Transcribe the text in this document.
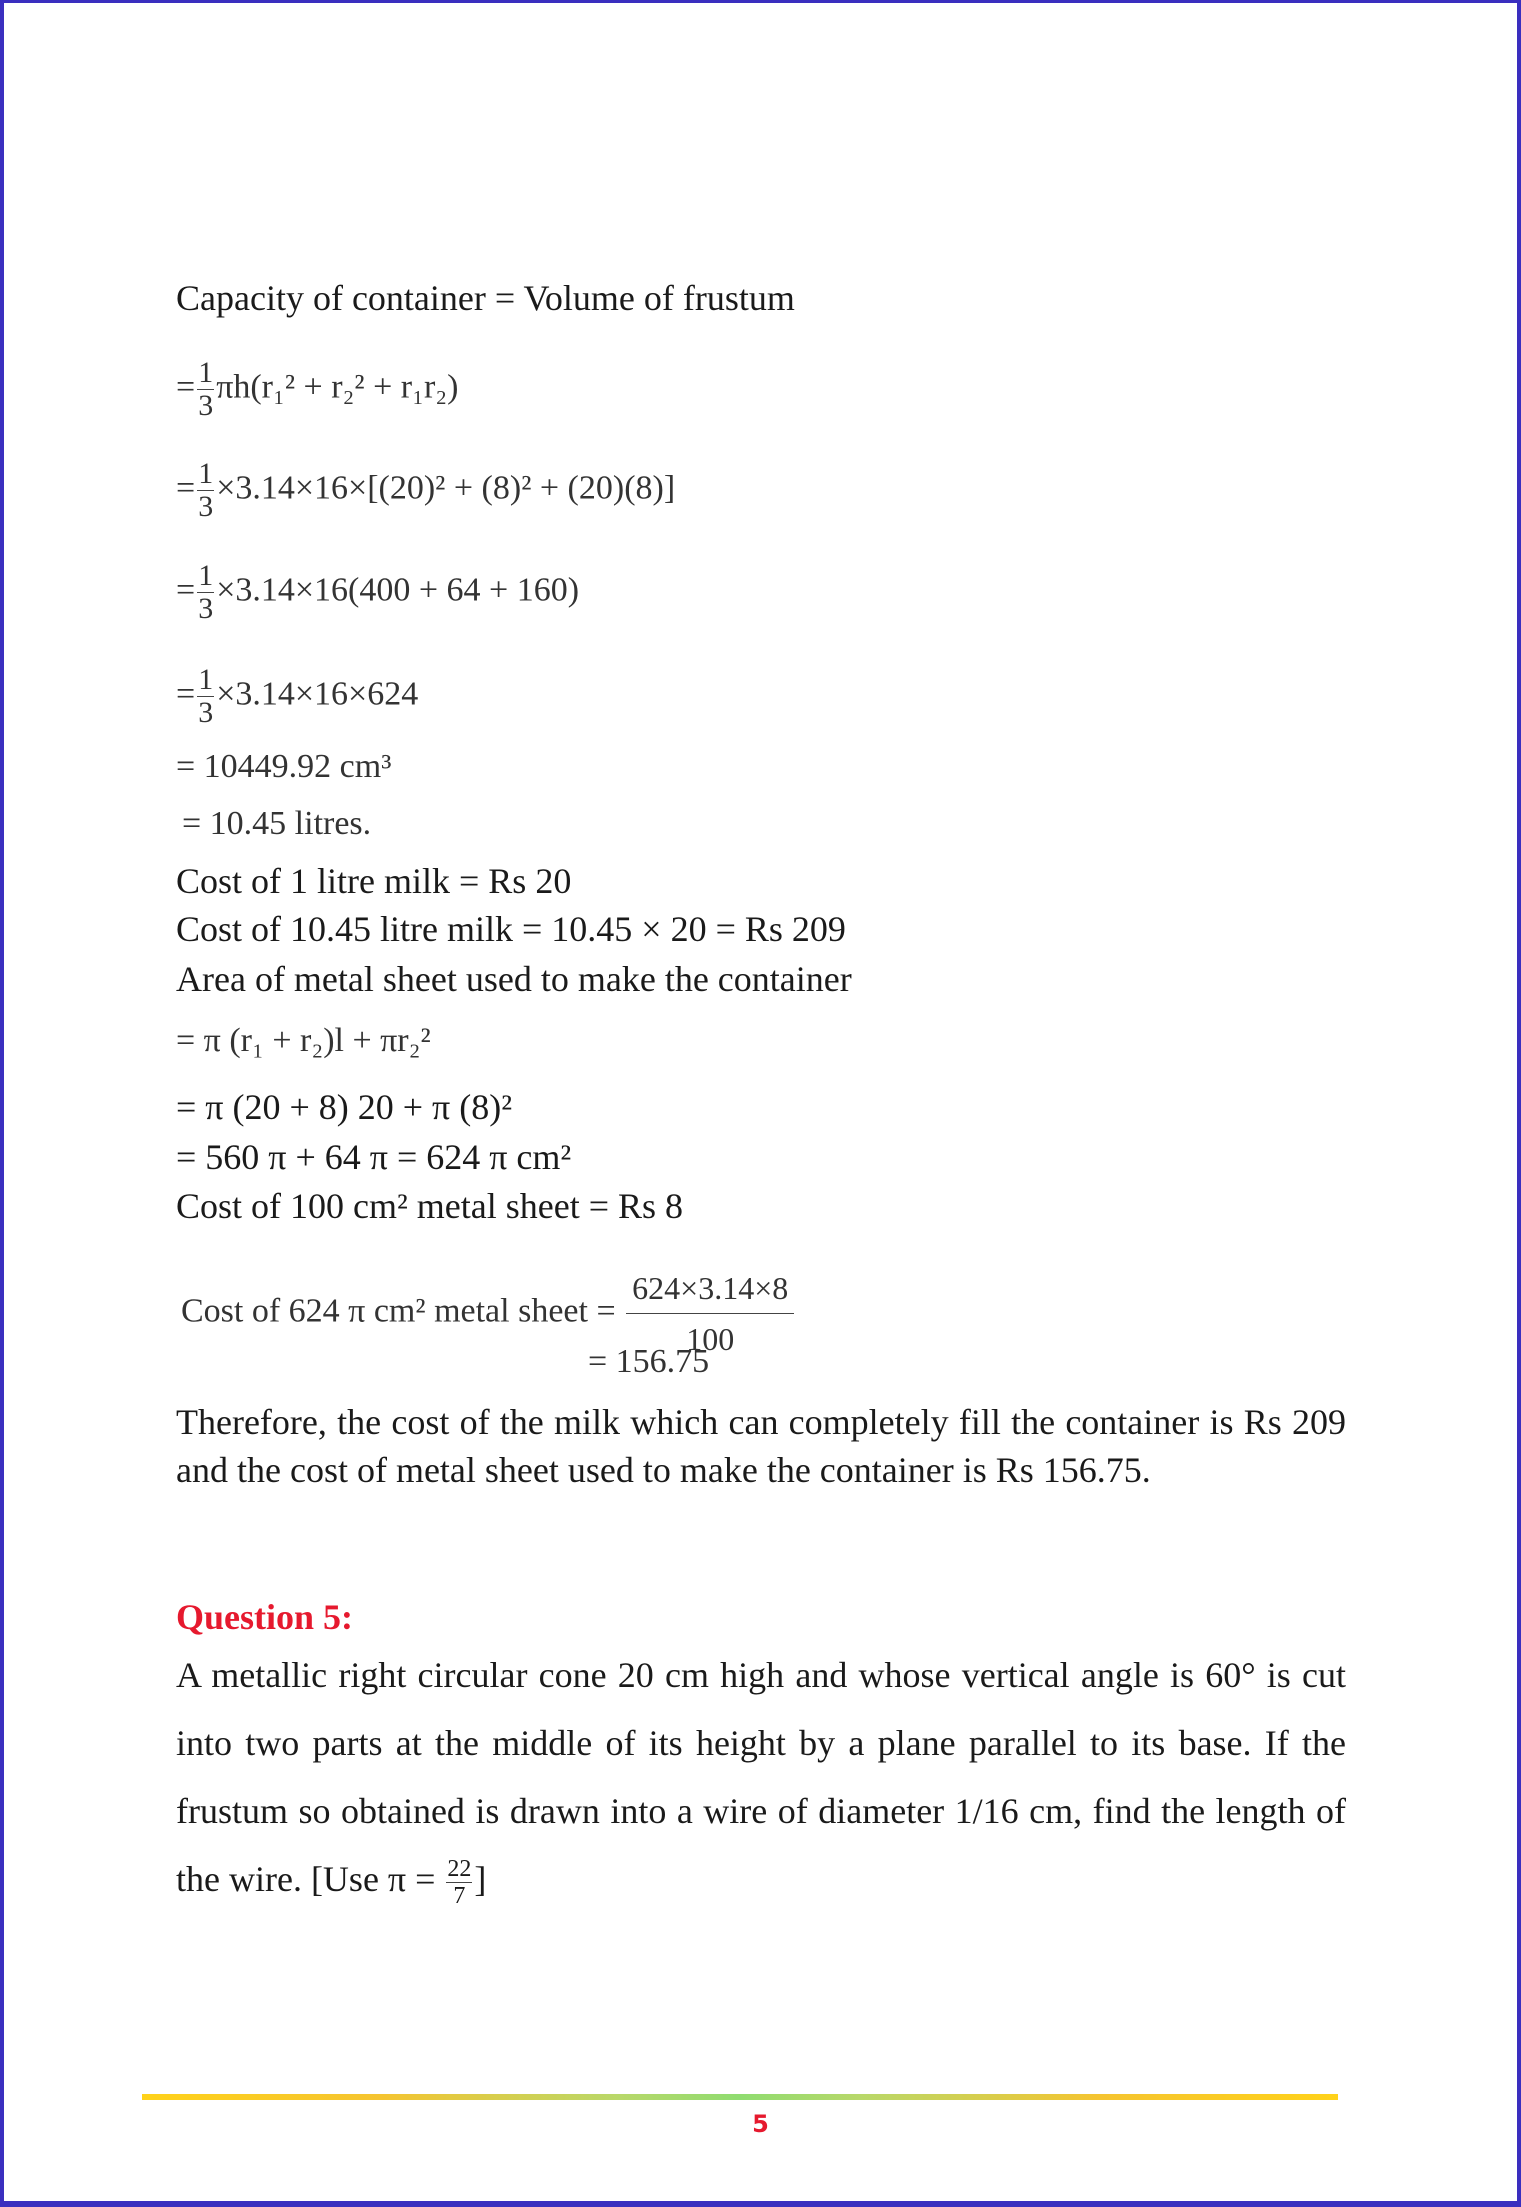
Capacity of container = Volume of frustum
= $\frac{1}{3} \pi h(r_1^2 + r_2^2 + r_1r_2)$
= $\frac{1}{3} \times 3.14\times 16\times[(20)^2 + (8)^2 + (20)(8)]$
= $\frac{1}{3} \times 3.14\times 16(400 + 64 + 160)$
= $\frac{1}{3} \times 3.14\times 16\times 624$
= 10449.92 cm³
= 10.45 litres.
Cost of 1 litre milk = Rs 20
Cost of 10.45 litre milk = 10.45 × 20 = Rs 209
Area of metal sheet used to make the container
= π (r₁ + r₂)l + πr₂²
= π (20 + 8) 20 + π (8)²
= 560 π + 64 π = 624 π cm²
Cost of 100 cm² metal sheet = Rs 8
Cost of 624 π cm² metal sheet = $\frac{624\times 3.14\times 8}{100}$
= 156.75
Therefore, the cost of the milk which can completely fill the container is Rs 209 and the cost of metal sheet used to make the container is Rs 156.75.
Question 5:
A metallic right circular cone 20 cm high and whose vertical angle is 60° is cut into two parts at the middle of its height by a plane parallel to its base. If the frustum so obtained is drawn into a wire of diameter 1/16 cm, find the length of the wire. [Use $\pi = \frac{22}{7}$ ]
5
